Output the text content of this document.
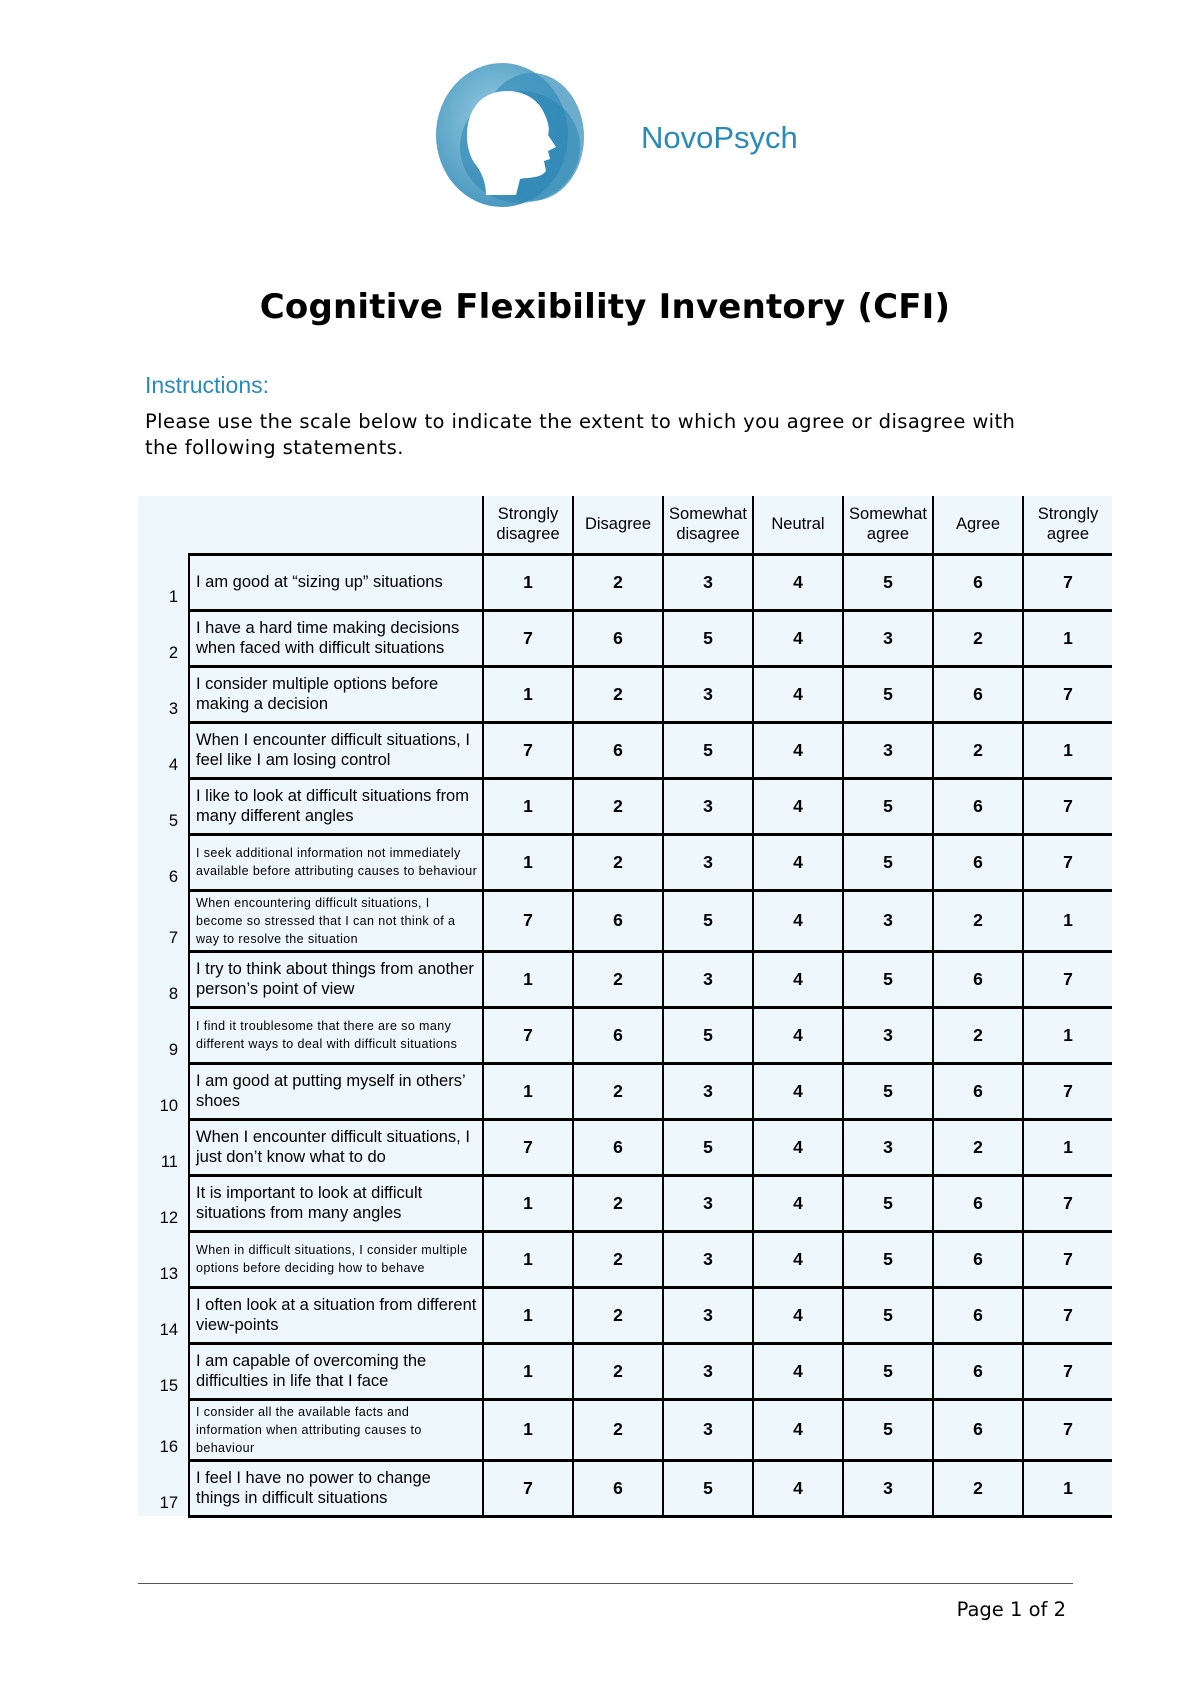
NovoPsych
Cognitive Flexibility Inventory (CFI)
Instructions:
Please use the scale below to indicate the extent to which you agree or disagree with the following statements.
		Strongly disagree	Disagree	Somewhat disagree	Neutral	Somewhat agree	Agree	Strongly agree
1	I am good at “sizing up” situations	1	2	3	4	5	6	7
2	I have a hard time making decisions when faced with difficult situations	7	6	5	4	3	2	1
3	I consider multiple options before making a decision	1	2	3	4	5	6	7
4	When I encounter difficult situations, I feel like I am losing control	7	6	5	4	3	2	1
5	I like to look at difficult situations from many different angles	1	2	3	4	5	6	7
6	I seek additional information not immediately available before attributing causes to behaviour	1	2	3	4	5	6	7
7	When encountering difficult situations, I become so stressed that I can not think of a way to resolve the situation	7	6	5	4	3	2	1
8	I try to think about things from another person’s point of view	1	2	3	4	5	6	7
9	I find it troublesome that there are so many different ways to deal with difficult situations	7	6	5	4	3	2	1
10	I am good at putting myself in others’ shoes	1	2	3	4	5	6	7
11	When I encounter difficult situations, I just don’t know what to do	7	6	5	4	3	2	1
12	It is important to look at difficult situations from many angles	1	2	3	4	5	6	7
13	When in difficult situations, I consider multiple options before deciding how to behave	1	2	3	4	5	6	7
14	I often look at a situation from different view-points	1	2	3	4	5	6	7
15	I am capable of overcoming the difficulties in life that I face	1	2	3	4	5	6	7
16	I consider all the available facts and information when attributing causes to behaviour	1	2	3	4	5	6	7
17	I feel I have no power to change things in difficult situations	7	6	5	4	3	2	1
Page 1 of 2
